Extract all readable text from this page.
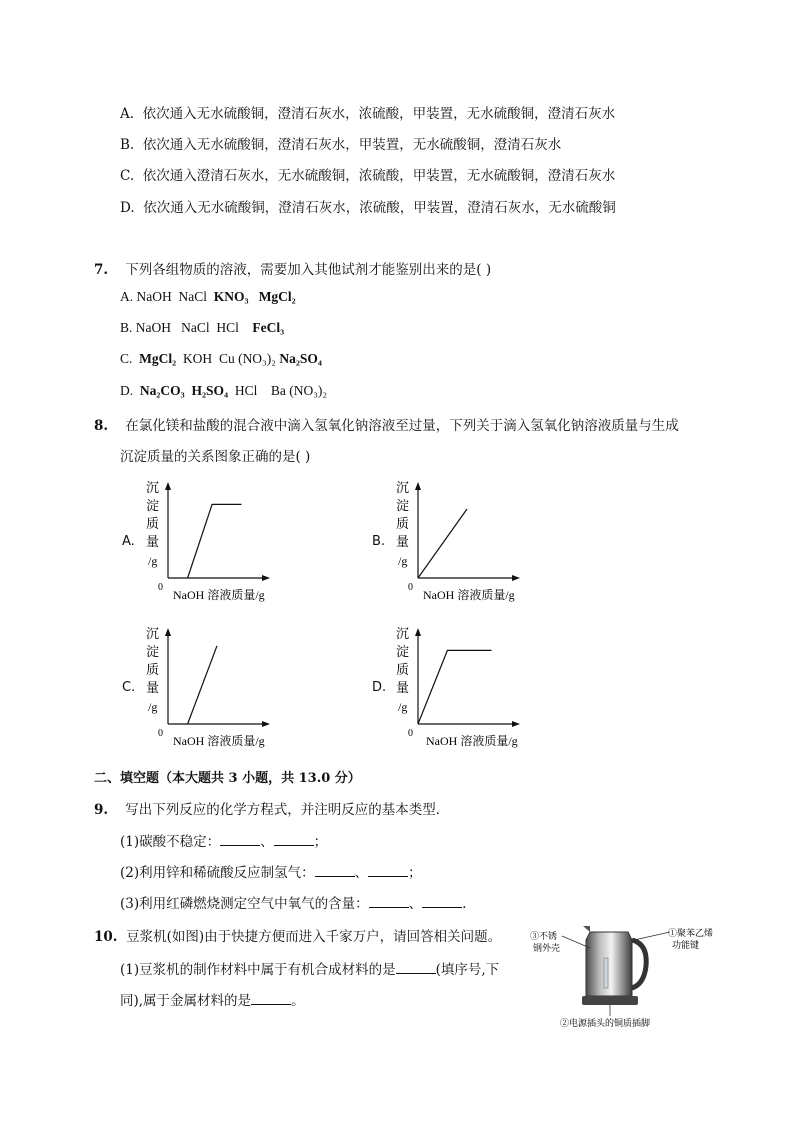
A. 依次通入无水硫酸铜，澄清石灰水，浓硫酸，甲装置，无水硫酸铜，澄清石灰水
B. 依次通入无水硫酸铜，澄清石灰水，甲装置，无水硫酸铜，澄清石灰水
C. 依次通入澄清石灰水，无水硫酸铜，浓硫酸，甲装置，无水硫酸铜，澄清石灰水
D. 依次通入无水硫酸铜，澄清石灰水，浓硫酸，甲装置，澄清石灰水，无水硫酸铜
7. 下列各组物质的溶液，需要加入其他试剂才能鉴别出来的是( )
A. NaOH NaCl KNO₃ MgCl₂
B. NaOH NaCl HCl FeCl₃
C. MgCl₂ KOH Cu (NO₃)₂ Na₂SO₄
D. Na₂CO₃ H₂SO₄ HCl Ba (NO₃)₂
8. 在氯化镁和盐酸的混合液中滴入氢氧化钠溶液至过量，下列关于滴入氢氧化钠溶液质量与生成
沉淀质量的关系图象正确的是( )
A.
沉
淀
质
量
/g
0
NaOH 溶液质量/g
B.
沉
淀
质
量
/g
0
NaOH 溶液质量/g
C.
沉
淀
质
量
/g
0
NaOH 溶液质量/g
D.
沉
淀
质
量
/g
0
NaOH 溶液质量/g
二、填空题（本大题共 3 小题，共 13.0 分）
9. 写出下列反应的化学方程式，并注明反应的基本类型．
(1)碳酸不稳定：	、	；
(2)利用锌和稀硫酸反应制氢气：	、	；
(3)利用红磷燃烧测定空气中氧气的含量：	、	.
10. 豆浆机(如图)由于快捷方便而进入千家万户，请回答相关问题。
(1)豆浆机的制作材料中属于有机合成材料的是	(填序号,下
同),属于金属材料的是	。
③不锈
钢外壳
①聚苯乙烯
功能键
②电源插头的铜质插脚
